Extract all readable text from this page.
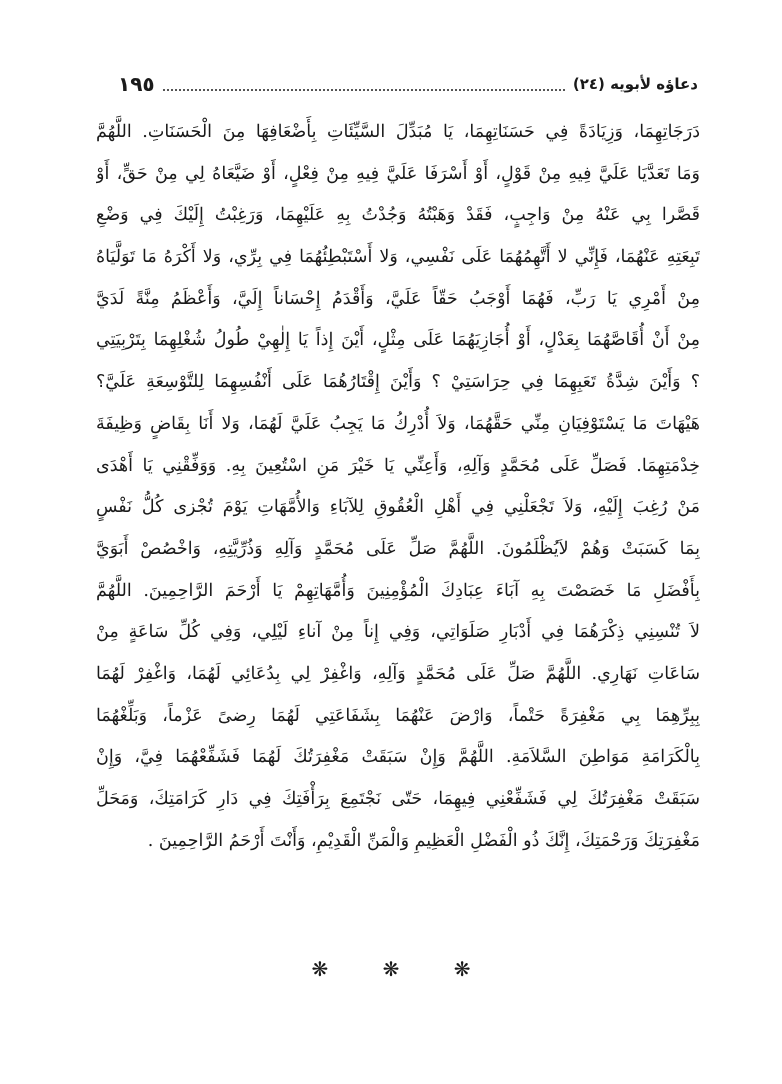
دعاؤه لأبويه (٢٤)
١٩٥
دَرَجَاتِهِمَا، وَزِيَادَةً فِي حَسَنَاتِهِمَا، يَا مُبَدِّلَ السَّيِّئَاتِ بِأَضْعَافِهَا مِنَ الْحَسَنَاتِ. اللَّهُمَّ
وَمَا تَعَدَّيَا عَلَيَّ فِيهِ مِنْ قَوْلٍ، أَوْ أَسْرَفَا عَلَيَّ فِيهِ مِنْ فِعْلٍ، أَوْ ضَيَّعَاهُ لِي مِنْ حَقٍّ، أَوْ
قَصَّرا بِي عَنْهُ مِنْ وَاجِبٍ، فَقَدْ وَهَبْتُهُ وَجُدْتُ بِهِ عَلَيْهِمَا، وَرَغِبْتُ إِلَيْكَ فِي وَضْعِ
تَبِعَتِهِ عَنْهُمَا، فَإِنِّي لا أَتَّهِمُهُمَا عَلَى نَفْسِي، وَلا أَسْتَبْطِئُهُمَا فِي بِرِّي، وَلا أَكْرَهُ مَا تَوَلَّيَاهُ
مِنْ أَمْرِي يَا رَبِّ، فَهُمَا أَوْجَبُ حَقّاً عَلَيَّ، وَأَقْدَمُ إِحْسَاناً إِلَيَّ، وَأَعْظَمُ مِنَّةً لَدَيَّ
مِنْ أَنْ أُقَاصَّهُمَا بِعَدْلٍ، أَوْ أُجَازِيَهُمَا عَلَى مِثْلٍ، أَيْنَ إِذاً يَا إِلٰهِيْ طُولُ شُغْلِهِمَا بِتَرْبِيَتِي
؟ وَأَيْنَ شِدَّةُ تَعَبِهِمَا فِي حِرَاسَتِيْ ؟ وَأَيْنَ إِقْتَارُهُمَا عَلَى أَنْفُسِهِمَا لِلتَّوْسِعَةِ عَلَيَّ؟
هَيْهَاتَ مَا يَسْتَوْفِيَانِ مِنِّي حَقَّهُمَا، وَلاَ أُدْرِكُ مَا يَجِبُ عَلَيَّ لَهُمَا، وَلا أَنَا بِقَاضٍ وَظِيفَةَ
خِدْمَتِهِمَا. فَصَلِّ عَلَى مُحَمَّدٍ وَآلِهِ، وَأَعِنِّي يَا خَيْرَ مَنِ اسْتُعِينَ بِهِ. وَوَفِّقْنِي يَا أَهْدَى
مَنْ رُغِبَ إِلَيْهِ، وَلاَ تَجْعَلْنِي فِي أَهْلِ الْعُقُوقِ لِلآبَاءِ وَالأُمَّهَاتِ يَوْمَ تُجْزى كُلُّ نَفْسٍ
بِمَا كَسَبَتْ وَهُمْ لاَيُظْلَمُونَ. اللَّهُمَّ صَلِّ عَلَى مُحَمَّدٍ وَآلِهِ وَذُرِّيَّتِهِ، وَاخْصُصْ أَبَوَيَّ
بِأَفْضَلِ مَا خَصَصْتَ بِهِ آبَاءَ عِبَادِكَ الْمُؤْمِنِينَ وَأُمَّهَاتِهِمْ يَا أَرْحَمَ الرَّاحِمِينَ. اللَّهُمَّ
لاَ تُنْسِنِي ذِكْرَهُمَا فِي أَدْبَارِ صَلَوَاتِي، وَفِي إِناً مِنْ آناءِ لَيْلِي، وَفِي كُلِّ سَاعَةٍ مِنْ
سَاعَاتِ نَهَارِي. اللَّهُمَّ صَلِّ عَلَى مُحَمَّدٍ وَآلِهِ، وَاغْفِرْ لِي بِدُعَائِي لَهُمَا، وَاغْفِرْ لَهُمَا
بِبِرِّهِمَا بِي مَغْفِرَةً حَتْماً، وَارْضَ عَنْهُمَا بِشَفَاعَتِي لَهُمَا رِضىً عَزْماً، وَبَلِّغْهُمَا
بِالْكَرَامَةِ مَوَاطِنَ السَّلاَمَةِ. اللَّهُمَّ وَإِنْ سَبَقَتْ مَغْفِرَتُكَ لَهُمَا فَشَفِّعْهُمَا فِيَّ، وَإِنْ
سَبَقَتْ مَغْفِرَتُكَ لِي فَشَفِّعْنِي فِيهِمَا، حَتّى نَجْتَمِعَ بِرَأْفَتِكَ فِي دَارِ كَرَامَتِكَ، وَمَحَلِّ
مَغْفِرَتِكَ وَرَحْمَتِكَ، إِنَّكَ ذُو الْفَضْلِ الْعَظِيمِ وَالْمَنِّ الْقَدِيْمِ، وَأَنْتَ أَرْحَمُ الرَّاحِمِينَ .
❋	❋	❋
